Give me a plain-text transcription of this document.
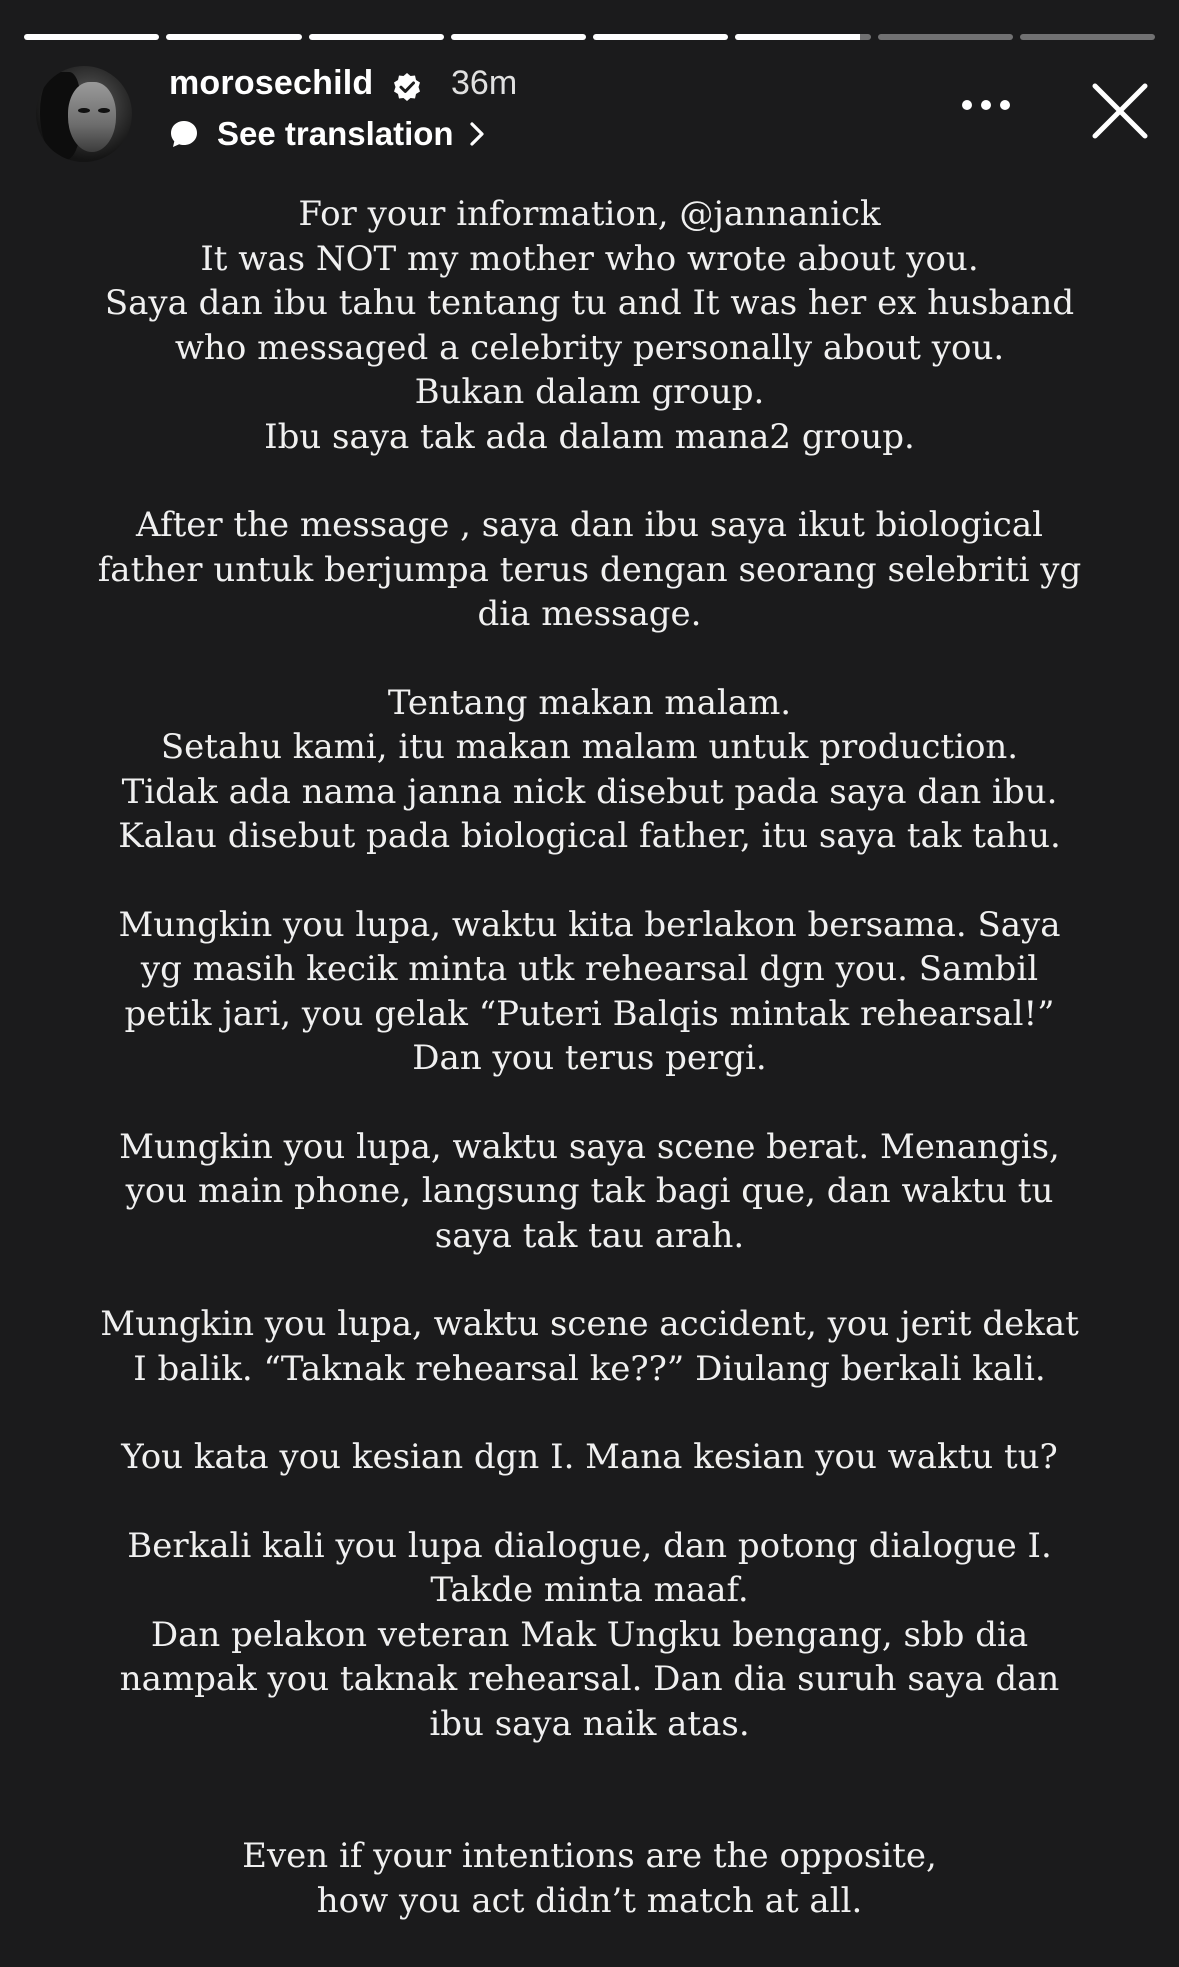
morosechild 36m
See translation
For your information, @jannanick
It was NOT my mother who wrote about you.
Saya dan ibu tahu tentang tu and It was her ex husband
who messaged a celebrity personally about you.
Bukan dalam group.
Ibu saya tak ada dalam mana2 group.
After the message , saya dan ibu saya ikut biological
father untuk berjumpa terus dengan seorang selebriti yg
dia message.
Tentang makan malam.
Setahu kami, itu makan malam untuk production.
Tidak ada nama janna nick disebut pada saya dan ibu.
Kalau disebut pada biological father, itu saya tak tahu.
Mungkin you lupa, waktu kita berlakon bersama. Saya
yg masih kecik minta utk rehearsal dgn you. Sambil
petik jari, you gelak “Puteri Balqis mintak rehearsal!”
Dan you terus pergi.
Mungkin you lupa, waktu saya scene berat. Menangis,
you main phone, langsung tak bagi que, dan waktu tu
saya tak tau arah.
Mungkin you lupa, waktu scene accident, you jerit dekat
I balik. “Taknak rehearsal ke??” Diulang berkali kali.
You kata you kesian dgn I. Mana kesian you waktu tu?
Berkali kali you lupa dialogue, dan potong dialogue I.
Takde minta maaf.
Dan pelakon veteran Mak Ungku bengang, sbb dia
nampak you taknak rehearsal. Dan dia suruh saya dan
ibu saya naik atas.
Even if your intentions are the opposite,
how you act didn’t match at all.
